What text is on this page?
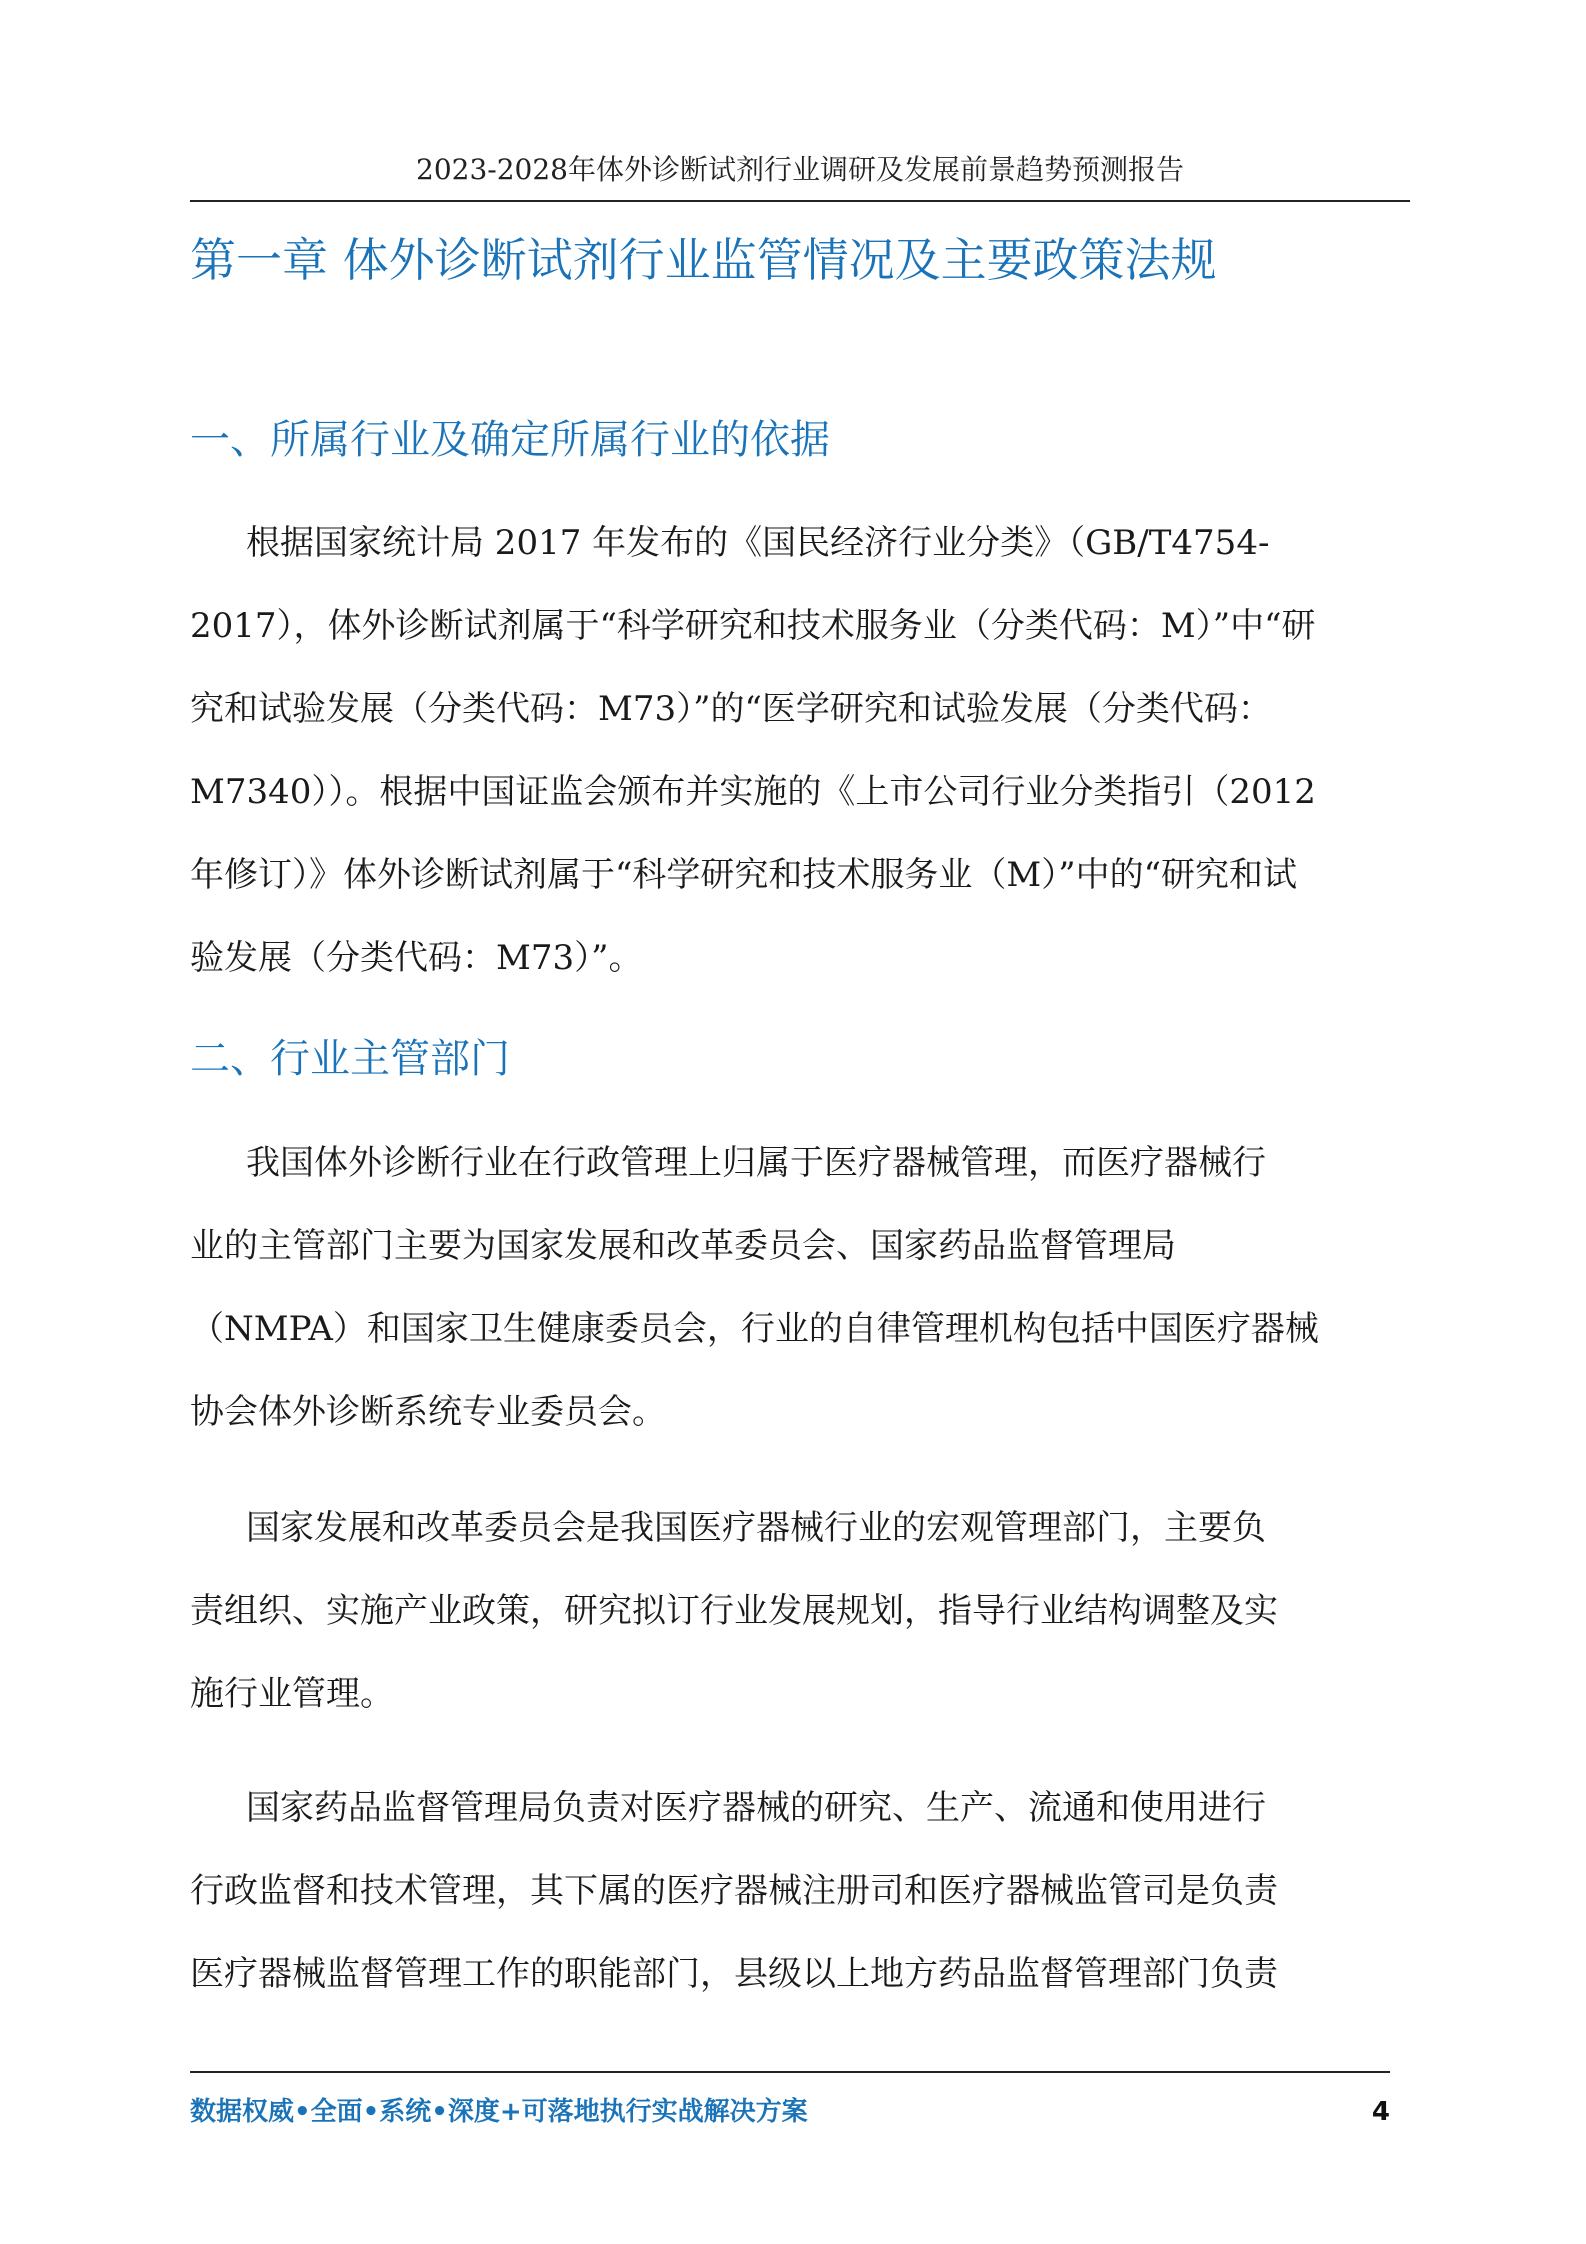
2023-2028年体外诊断试剂行业调研及发展前景趋势预测报告
第一章 体外诊断试剂行业监管情况及主要政策法规
一、所属行业及确定所属行业的依据

根据国家统计局 2017 年发布的《国民经济行业分类》（GB/T4754-
2017），体外诊断试剂属于“科学研究和技术服务业（分类代码：M）”中“研
究和试验发展（分类代码：M73）”的“医学研究和试验发展（分类代码：
M7340））。根据中国证监会颁布并实施的《上市公司行业分类指引（2012
年修订）》体外诊断试剂属于“科学研究和技术服务业（M）”中的“研究和试
验发展（分类代码：M73）”。

二、行业主管部门

我国体外诊断行业在行政管理上归属于医疗器械管理，而医疗器械行
业的主管部门主要为国家发展和改革委员会、国家药品监督管理局
（NMPA）和国家卫生健康委员会，行业的自律管理机构包括中国医疗器械
协会体外诊断系统专业委员会。

国家发展和改革委员会是我国医疗器械行业的宏观管理部门，主要负
责组织、实施产业政策，研究拟订行业发展规划，指导行业结构调整及实
施行业管理。

国家药品监督管理局负责对医疗器械的研究、生产、流通和使用进行
行政监督和技术管理，其下属的医疗器械注册司和医疗器械监管司是负责
医疗器械监督管理工作的职能部门，县级以上地方药品监督管理部门负责

数据权威•全面•系统•深度+可落地执行实战解决方案	4
